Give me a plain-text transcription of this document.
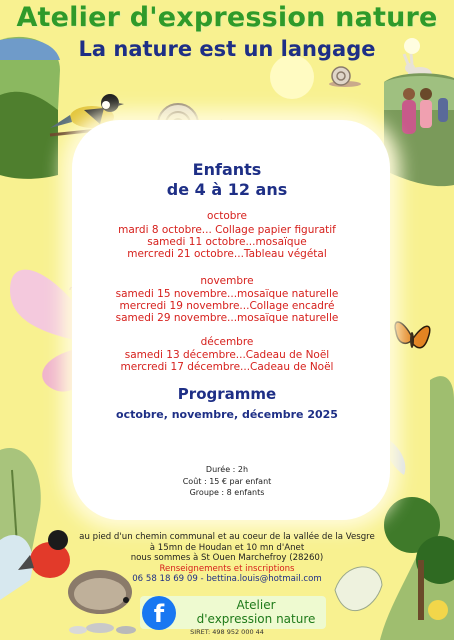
Atelier d'expression nature
La nature est un langage
Enfants
de 4 à 12 ans
octobre
mardi 8 octobre... Collage papier figuratif
samedi 11 octobre...mosaïque
mercredi 21 octobre...Tableau végétal
novembre
samedi 15 novembre...mosaïque naturelle
mercredi 19 novembre...Collage encadré
samedi 29 novembre...mosaïque naturelle
décembre
samedi 13 décembre...Cadeau de Noël
mercredi 17 décembre...Cadeau de Noël
Programme
octobre, novembre, décembre 2025
Durée : 2h
Coût : 15 € par enfant
Groupe : 8 enfants
au pied d'un chemin communal et au coeur de la vallée de la Vesgre
à 15mn de Houdan et 10 mn d'Anet
nous sommes à St Ouen Marchefroy (28260)
Renseignements et inscriptions
06 58 18 69 09 - bettina.louis@hotmail.com
f	Atelier
d'expression nature
SIRET: 498 952 000 44
